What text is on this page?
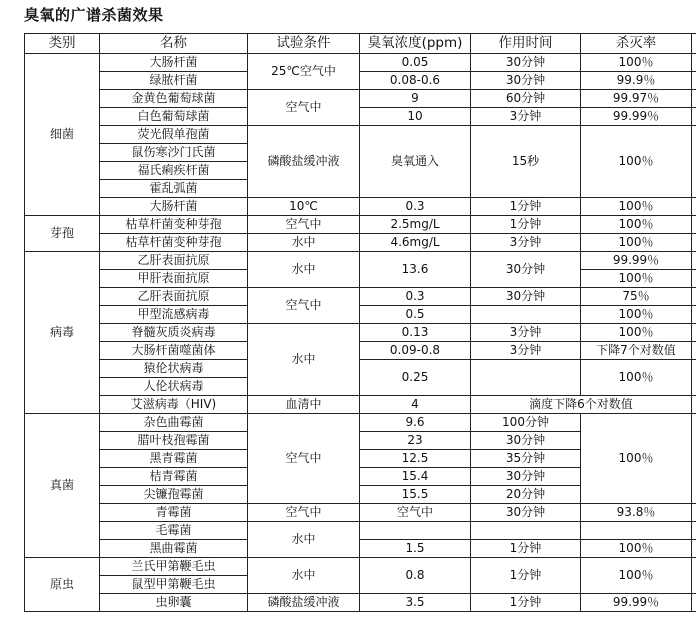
臭氧的广谱杀菌效果
类别	名称	试验条件	臭氧浓度(ppm)	作用时间	杀灭率	
细菌	大肠杆菌	25℃空气中	0.05	30分钟	100％	
	绿脓杆菌		0.08-0.6	30分钟	99.9％	
	金黄色葡萄球菌	空气中	9	60分钟	99.97％	
	白色葡萄球菌		10	3分钟	99.99％	
	荧光假单孢菌	磷酸盐缓冲液	臭氧通入	15秒	100％	
	鼠伤寒沙门氏菌					
	福氏痢疾杆菌					
	霍乱弧菌					
	大肠杆菌	10℃	0.3	1分钟	100％	
芽孢	枯草杆菌变种芽孢	空气中	2.5mg/L	1分钟	100％	
	枯草杆菌变种芽孢	水中	4.6mg/L	3分钟	100％	
病毒	乙肝表面抗原	水中	13.6	30分钟	99.99％	
	甲肝表面抗原				100％	
	乙肝表面抗原	空气中	0.3	30分钟	75％	
	甲型流感病毒		0.5		100％	
	脊髓灰质炎病毒	水中	0.13	3分钟	100％	
	大肠杆菌噬菌体		0.09-0.8	3分钟	下降7个对数值	
	猿伦状病毒		0.25		100％	
	人伦状病毒					
	艾滋病毒（HIV)	血清中	4	滴度下降6个对数值		
真菌	杂色曲霉菌	空气中	9.6	100分钟	100％	
	腊叶枝孢霉菌		23	30分钟		
	黑青霉菌		12.5	35分钟		
	桔青霉菌		15.4	30分钟		
	尖镰孢霉菌		15.5	20分钟		
	青霉菌	空气中	空气中	30分钟	93.8％	
	毛霉菌	水中				
	黑曲霉菌		1.5	1分钟	100％	
原虫	兰氏甲第鞭毛虫	水中	0.8	1分钟	100％	
	鼠型甲第鞭毛虫					
	虫卵囊	磷酸盐缓冲液	3.5	1分钟	99.99％	
